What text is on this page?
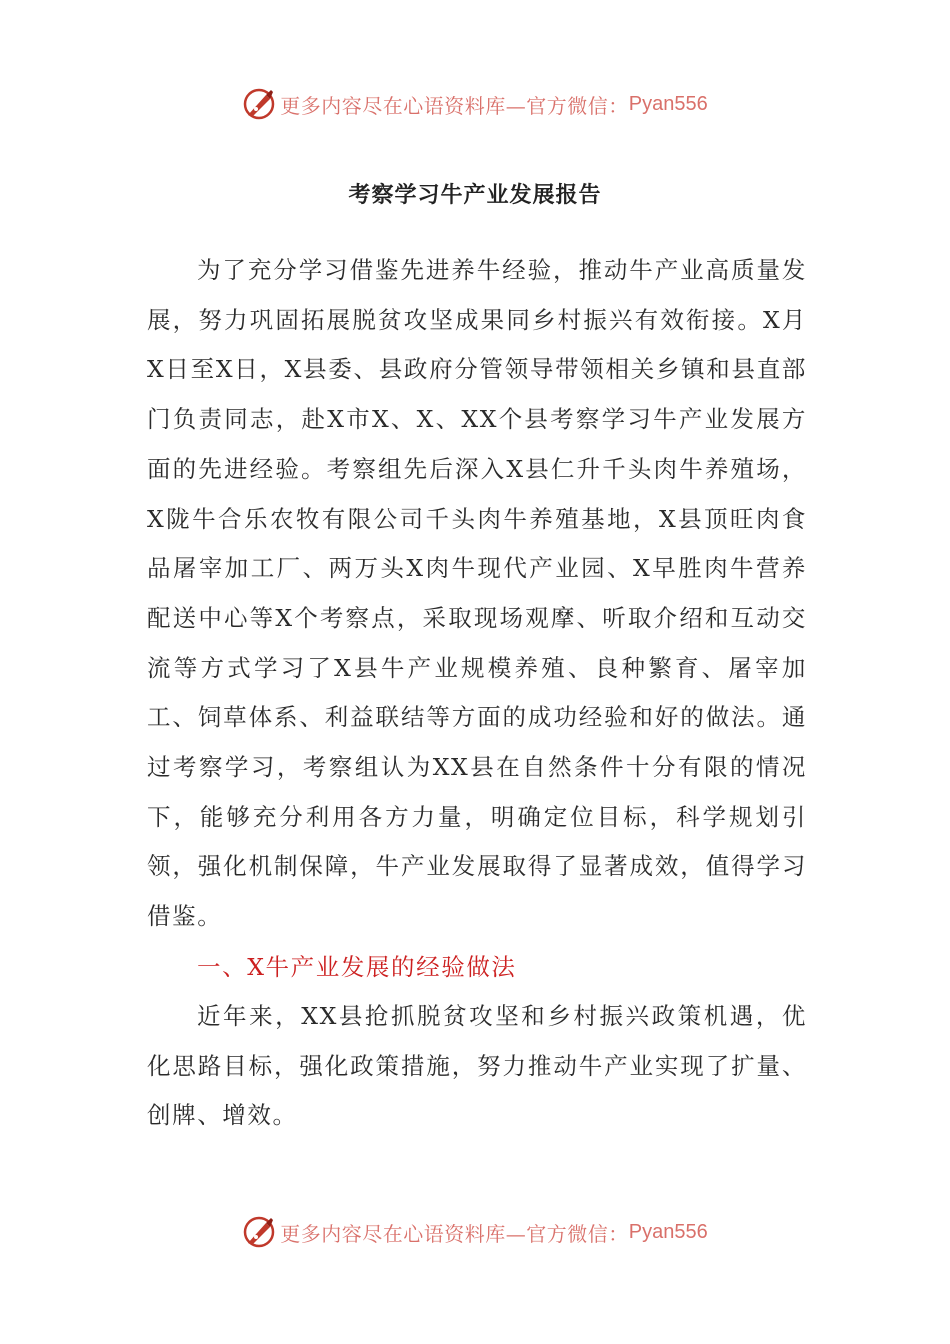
更多内容尽在心语资料库—官方微信： Pyan556
考察学习牛产业发展报告

为了充分学习借鉴先进养牛经验，推动牛产业高质量发展，努力巩固拓展脱贫攻坚成果同乡村振兴有效衔接。X月X日至X日，X县委、县政府分管领导带领相关乡镇和县直部门负责同志，赴X市X、X、XX个县考察学习牛产业发展方面的先进经验。考察组先后深入X县仁升千头肉牛养殖场，X陇牛合乐农牧有限公司千头肉牛养殖基地，X县顶旺肉食品屠宰加工厂、两万头X肉牛现代产业园、X早胜肉牛营养配送中心等X个考察点，采取现场观摩、听取介绍和互动交流等方式学习了X县牛产业规模养殖、良种繁育、屠宰加工、饲草体系、利益联结等方面的成功经验和好的做法。通过考察学习，考察组认为XX县在自然条件十分有限的情况下，能够充分利用各方力量，明确定位目标，科学规划引领，强化机制保障，牛产业发展取得了显著成效，值得学习借鉴。

一、X牛产业发展的经验做法

近年来，XX县抢抓脱贫攻坚和乡村振兴政策机遇，优化思路目标，强化政策措施，努力推动牛产业实现了扩量、创牌、增效。

更多内容尽在心语资料库—官方微信： Pyan556
